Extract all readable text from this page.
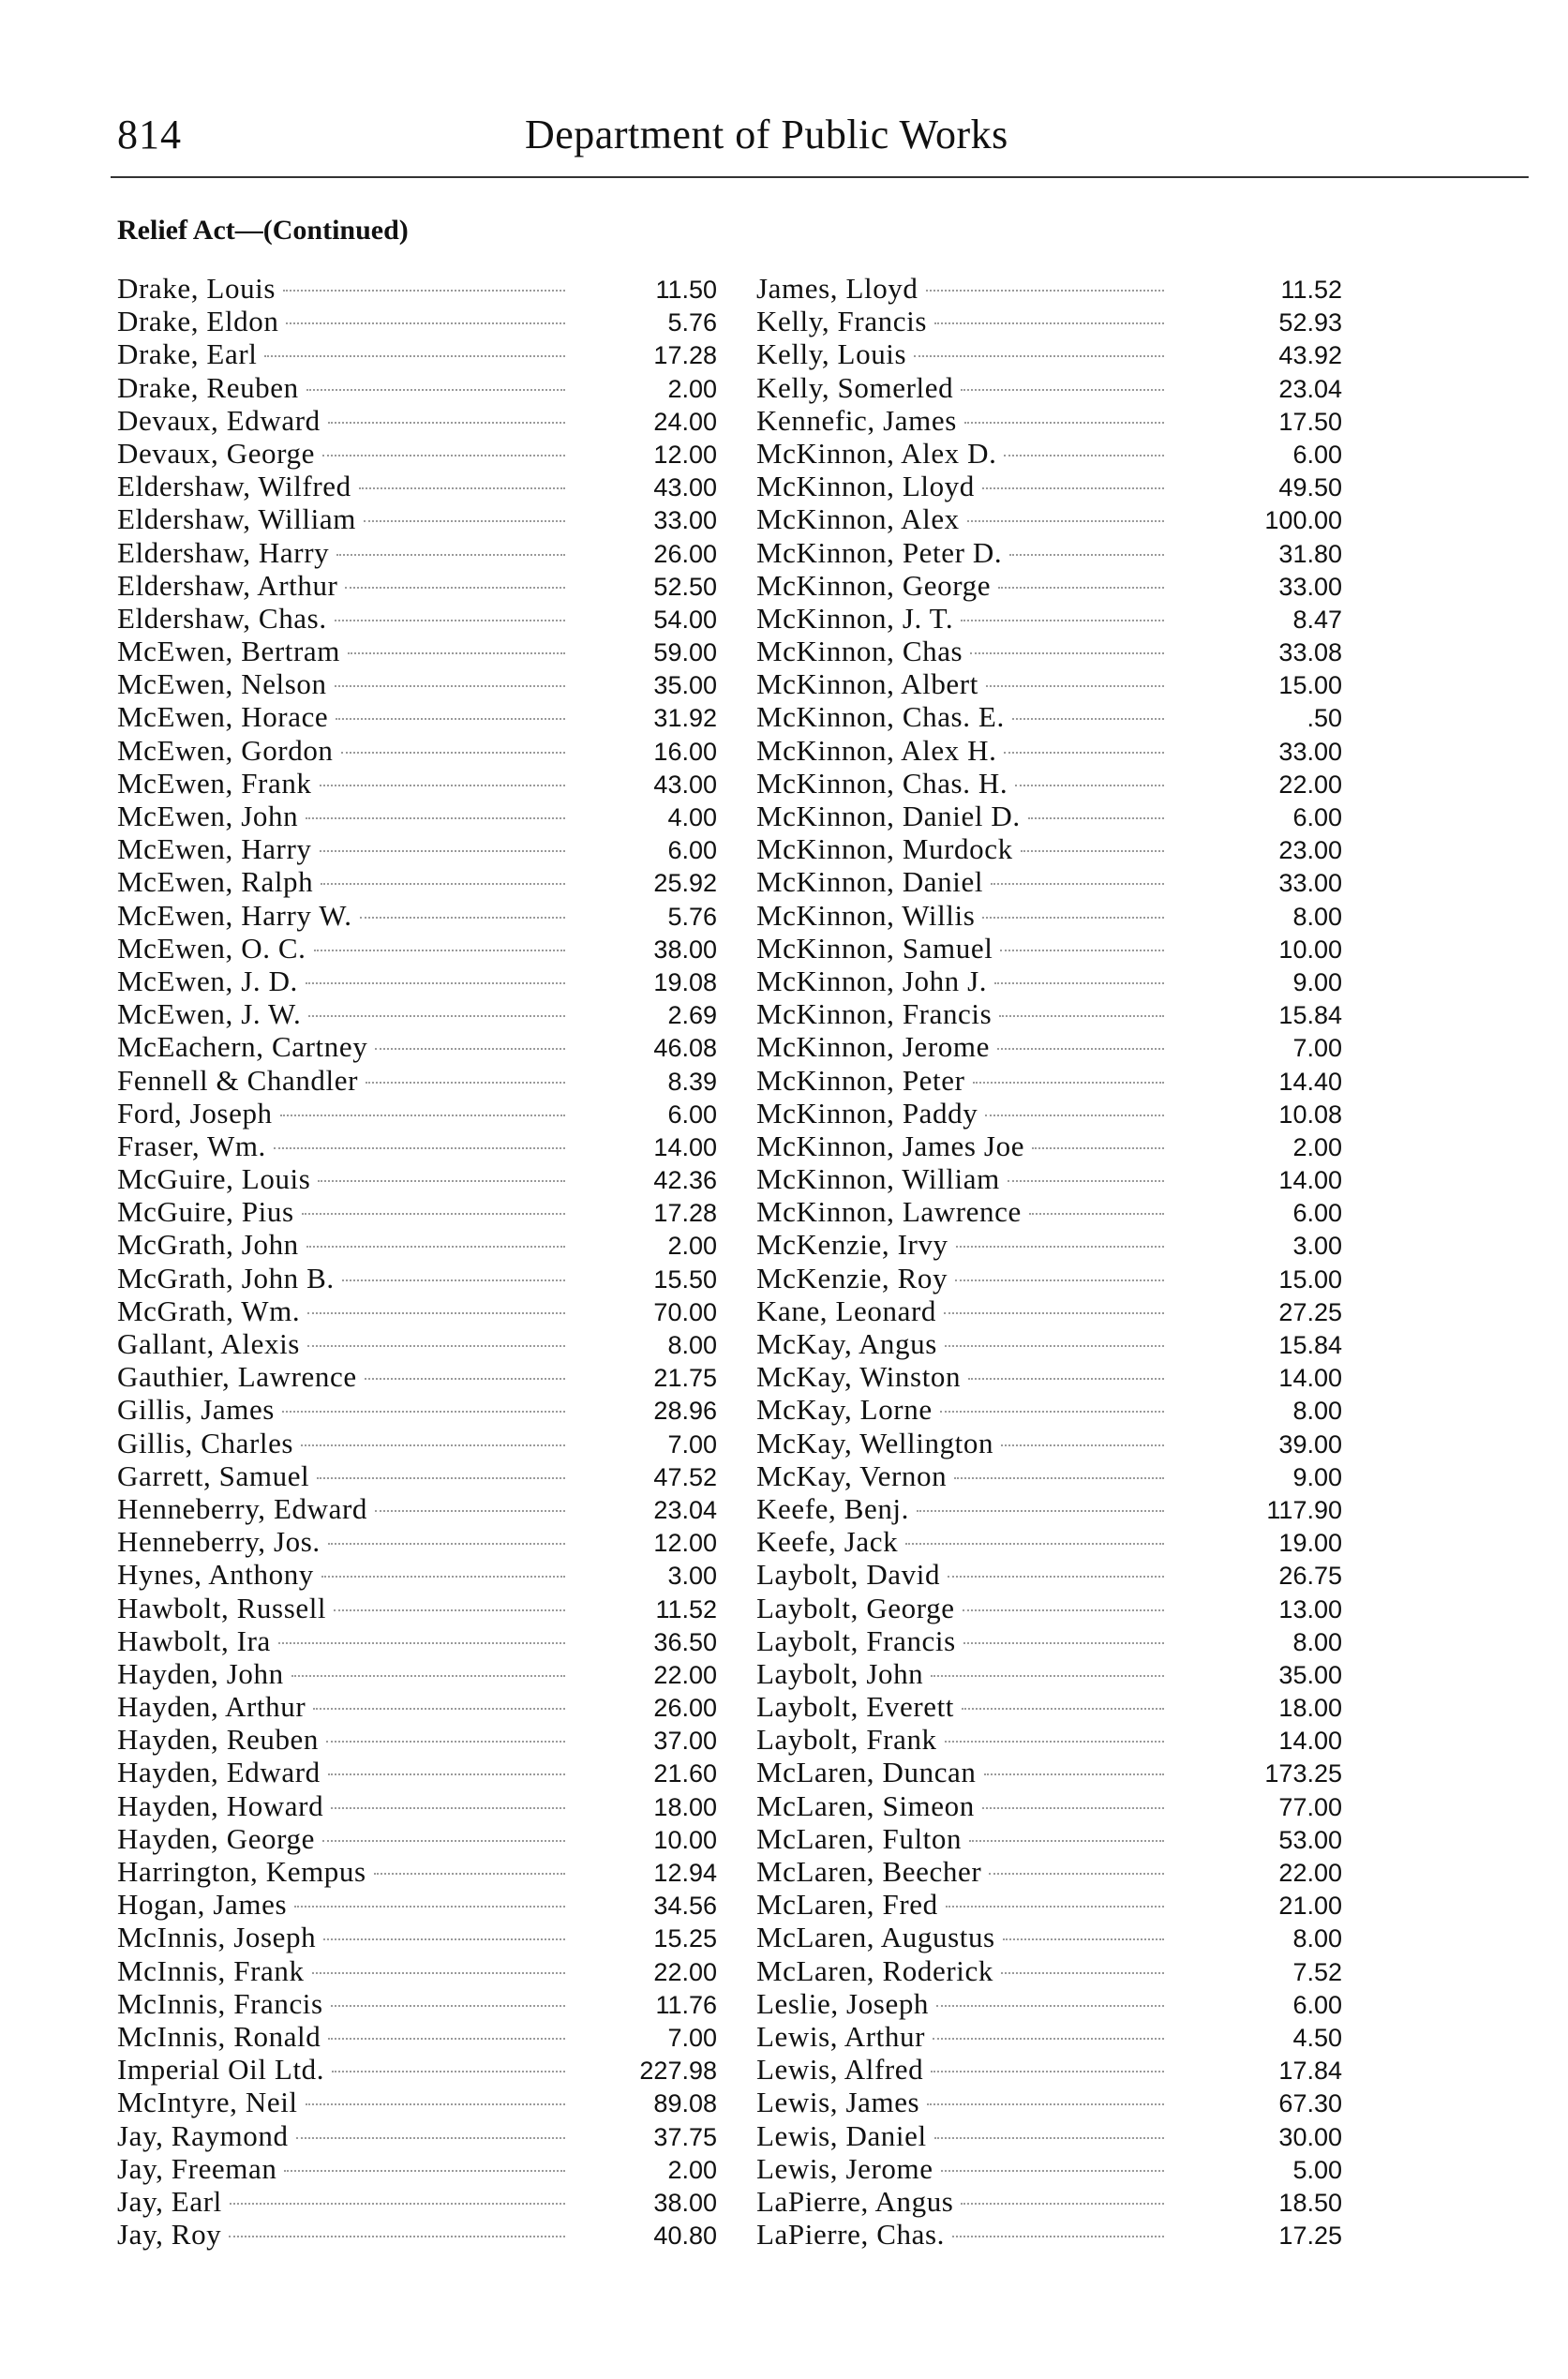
814	Department of Public Works
Relief Act—(Continued)
Drake, Louis	11.50
Drake, Eldon	5.76
Drake, Earl	17.28
Drake, Reuben	2.00
Devaux, Edward	24.00
Devaux, George	12.00
Eldershaw, Wilfred	43.00
Eldershaw, William	33.00
Eldershaw, Harry	26.00
Eldershaw, Arthur	52.50
Eldershaw, Chas.	54.00
McEwen, Bertram	59.00
McEwen, Nelson	35.00
McEwen, Horace	31.92
McEwen, Gordon	16.00
McEwen, Frank	43.00
McEwen, John	4.00
McEwen, Harry	6.00
McEwen, Ralph	25.92
McEwen, Harry W.	5.76
McEwen, O. C.	38.00
McEwen, J. D.	19.08
McEwen, J. W.	2.69
McEachern, Cartney	46.08
Fennell & Chandler	8.39
Ford, Joseph	6.00
Fraser, Wm.	14.00
McGuire, Louis	42.36
McGuire, Pius	17.28
McGrath, John	2.00
McGrath, John B.	15.50
McGrath, Wm.	70.00
Gallant, Alexis	8.00
Gauthier, Lawrence	21.75
Gillis, James	28.96
Gillis, Charles	7.00
Garrett, Samuel	47.52
Henneberry, Edward	23.04
Henneberry, Jos.	12.00
Hynes, Anthony	3.00
Hawbolt, Russell	11.52
Hawbolt, Ira	36.50
Hayden, John	22.00
Hayden, Arthur	26.00
Hayden, Reuben	37.00
Hayden, Edward	21.60
Hayden, Howard	18.00
Hayden, George	10.00
Harrington, Kempus	12.94
Hogan, James	34.56
McInnis, Joseph	15.25
McInnis, Frank	22.00
McInnis, Francis	11.76
McInnis, Ronald	7.00
Imperial Oil Ltd.	227.98
McIntyre, Neil	89.08
Jay, Raymond	37.75
Jay, Freeman	2.00
Jay, Earl	38.00
Jay, Roy	40.80
James, Lloyd	11.52
Kelly, Francis	52.93
Kelly, Louis	43.92
Kelly, Somerled	23.04
Kennefic, James	17.50
McKinnon, Alex D.	6.00
McKinnon, Lloyd	49.50
McKinnon, Alex	100.00
McKinnon, Peter D.	31.80
McKinnon, George	33.00
McKinnon, J. T.	8.47
McKinnon, Chas	33.08
McKinnon, Albert	15.00
McKinnon, Chas. E.	.50
McKinnon, Alex H.	33.00
McKinnon, Chas. H.	22.00
McKinnon, Daniel D.	6.00
McKinnon, Murdock	23.00
McKinnon, Daniel	33.00
McKinnon, Willis	8.00
McKinnon, Samuel	10.00
McKinnon, John J.	9.00
McKinnon, Francis	15.84
McKinnon, Jerome	7.00
McKinnon, Peter	14.40
McKinnon, Paddy	10.08
McKinnon, James Joe	2.00
McKinnon, William	14.00
McKinnon, Lawrence	6.00
McKenzie, Irvy	3.00
McKenzie, Roy	15.00
Kane, Leonard	27.25
McKay, Angus	15.84
McKay, Winston	14.00
McKay, Lorne	8.00
McKay, Wellington	39.00
McKay, Vernon	9.00
Keefe, Benj.	117.90
Keefe, Jack	19.00
Laybolt, David	26.75
Laybolt, George	13.00
Laybolt, Francis	8.00
Laybolt, John	35.00
Laybolt, Everett	18.00
Laybolt, Frank	14.00
McLaren, Duncan	173.25
McLaren, Simeon	77.00
McLaren, Fulton	53.00
McLaren, Beecher	22.00
McLaren, Fred	21.00
McLaren, Augustus	8.00
McLaren, Roderick	7.52
Leslie, Joseph	6.00
Lewis, Arthur	4.50
Lewis, Alfred	17.84
Lewis, James	67.30
Lewis, Daniel	30.00
Lewis, Jerome	5.00
LaPierre, Angus	18.50
LaPierre, Chas.	17.25
